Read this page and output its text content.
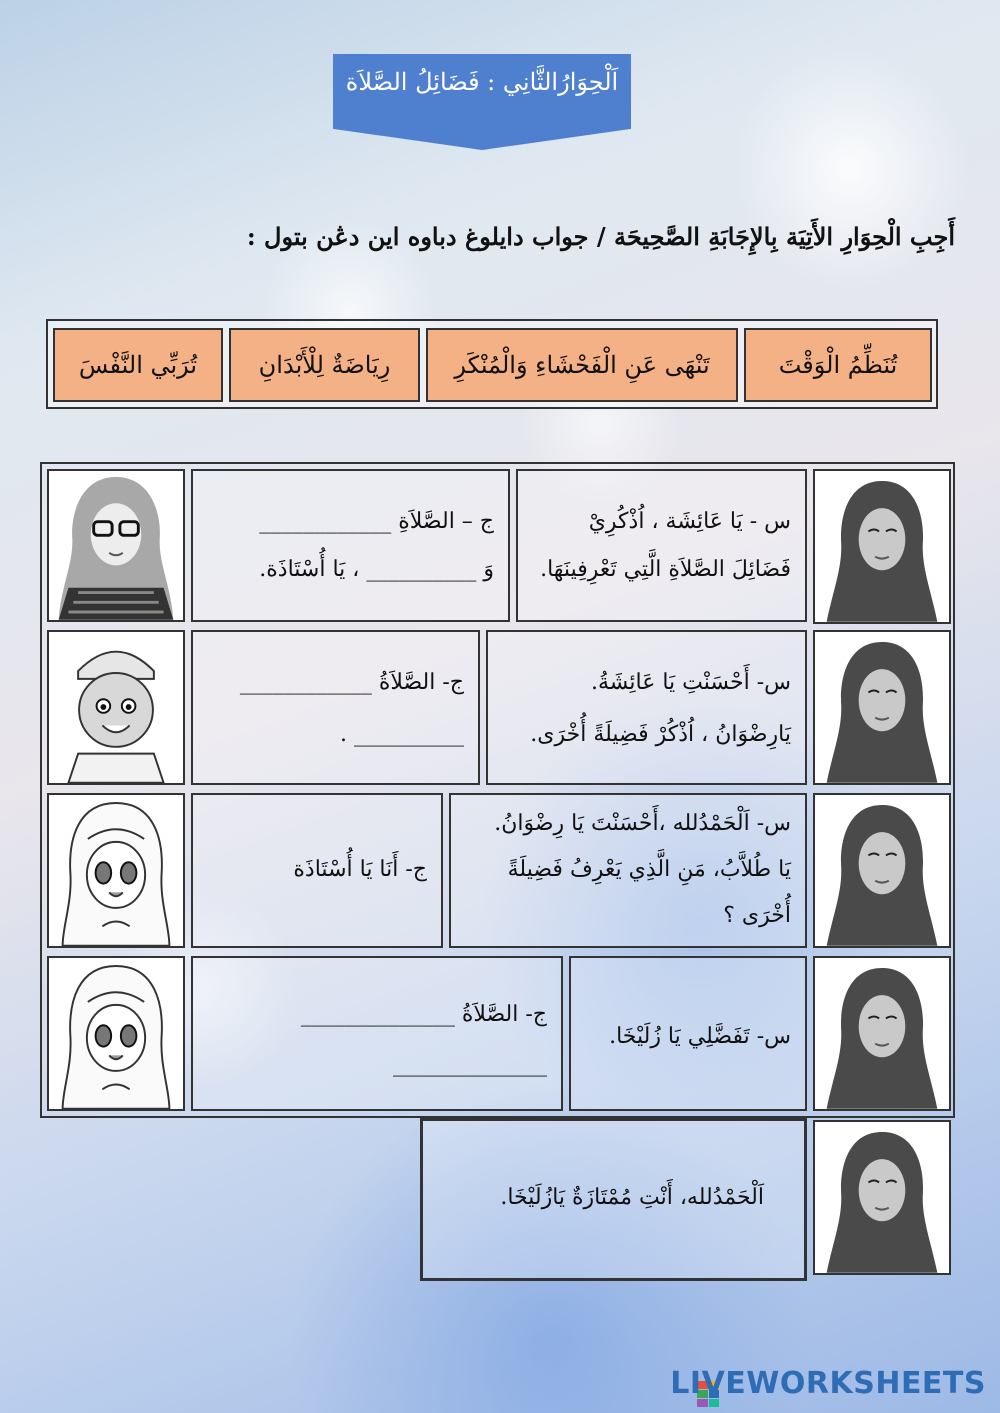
اَلْحِوَارُالثَّانِي : فَضَائِلُ الصَّلاَة
أَجِبِ الْحِوَارِ الأَتِيَة بِالإِجَابَةِ الصَّحِيحَة / جواب دايلوغ دباوه اين دڠن بتول :
تُنَظِّمُ الْوَقْتَ
تَنْهَى عَنِ الْفَحْشَاءِ وَالْمُنْكَرِ
رِيَاضَةٌ لِلْأَبْدَانِ
تُرَبِّي النَّفْسَ
س - يَا عَائِشَة ، اُذْكُرِيْ
فَضَائِلَ الصَّلاَةِ الَّتِي تَعْرِفِينَهَا.
ج – الصَّلاَةِ ____________
وَ __________ ، يَا أُسْتَاذَة.
س- أَحْسَنْتِ يَا عَائِشَةُ.
يَارِضْوَانُ ، اُذْكُرْ فَضِيلَةً أُخْرَى.
ج- الصَّلاَةُ ____________
__________ .
س- اَلْحَمْدُلله ،أَحْسَنْتَ يَا رِضْوَانُ.
يَا طُلاَّبُ، مَنِ الَّذِي يَعْرِفُ فَضِيلَةً
أُخْرَى ؟
ج- أَنَا يَا أُسْتَاذَة
س- تَفَضَّلِي يَا زُلَيْخَا.
ج- الصَّلاَةُ ______________
______________
اَلْحَمْدُلله، أَنْتِ مُمْتَازَةٌ يَازُلَيْخَا.
LIVEWORKSHEETS
